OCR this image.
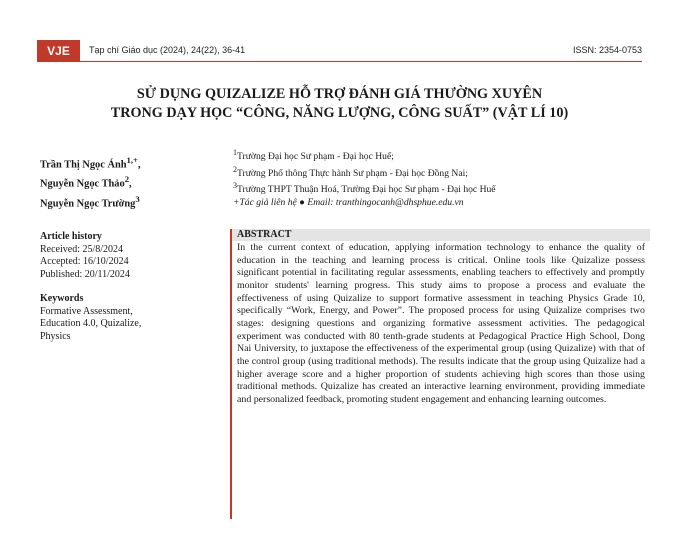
VJE	Tạp chí Giáo dục (2024), 24(22), 36-41	ISSN: 2354-0753
SỬ DỤNG QUIZALIZE HỖ TRỢ ĐÁNH GIÁ THƯỜNG XUYÊN
TRONG DẠY HỌC “CÔNG, NĂNG LƯỢNG, CÔNG SUẤT” (VẬT LÍ 10)
Trần Thị Ngọc Ánh$^{1,+}$,
Nguyễn Ngọc Thảo$^2$,
Nguyễn Ngọc Trường$^3$
$^1$Trường Đại học Sư phạm - Đại học Huế;
$^2$Trường Phổ thông Thực hành Sư phạm - Đại học Đồng Nai;
$^3$Trường THPT Thuận Hoá, Trường Đại học Sư phạm - Đại học Huế
+Tác giả liên hệ ● Email: tranthingocanh@dhsphue.edu.vn
Article history
Received: 25/8/2024
Accepted: 16/10/2024
Published: 20/11/2024
Keywords
Formative Assessment,
Education 4.0, Quizalize,
Physics
ABSTRACT
In the current context of education, applying information technology to enhance the quality of education in the teaching and learning process is critical. Online tools like Quizalize possess significant potential in facilitating regular assessments, enabling teachers to effectively and promptly monitor students' learning progress. This study aims to propose a process and evaluate the effectiveness of using Quizalize to support formative assessment in teaching Physics Grade 10, specifically “Work, Energy, and Power”. The proposed process for using Quizalize comprises two stages: designing questions and organizing formative assessment activities. The pedagogical experiment was conducted with 80 tenth-grade students at Pedagogical Practice High School, Dong Nai University, to juxtapose the effectiveness of the experimental group (using Quizalize) with that of the control group (using traditional methods). The results indicate that the group using Quizalize had a higher average score and a higher proportion of students achieving high scores than those using traditional methods. Quizalize has created an interactive learning environment, providing immediate and personalized feedback, promoting student engagement and enhancing learning outcomes.
